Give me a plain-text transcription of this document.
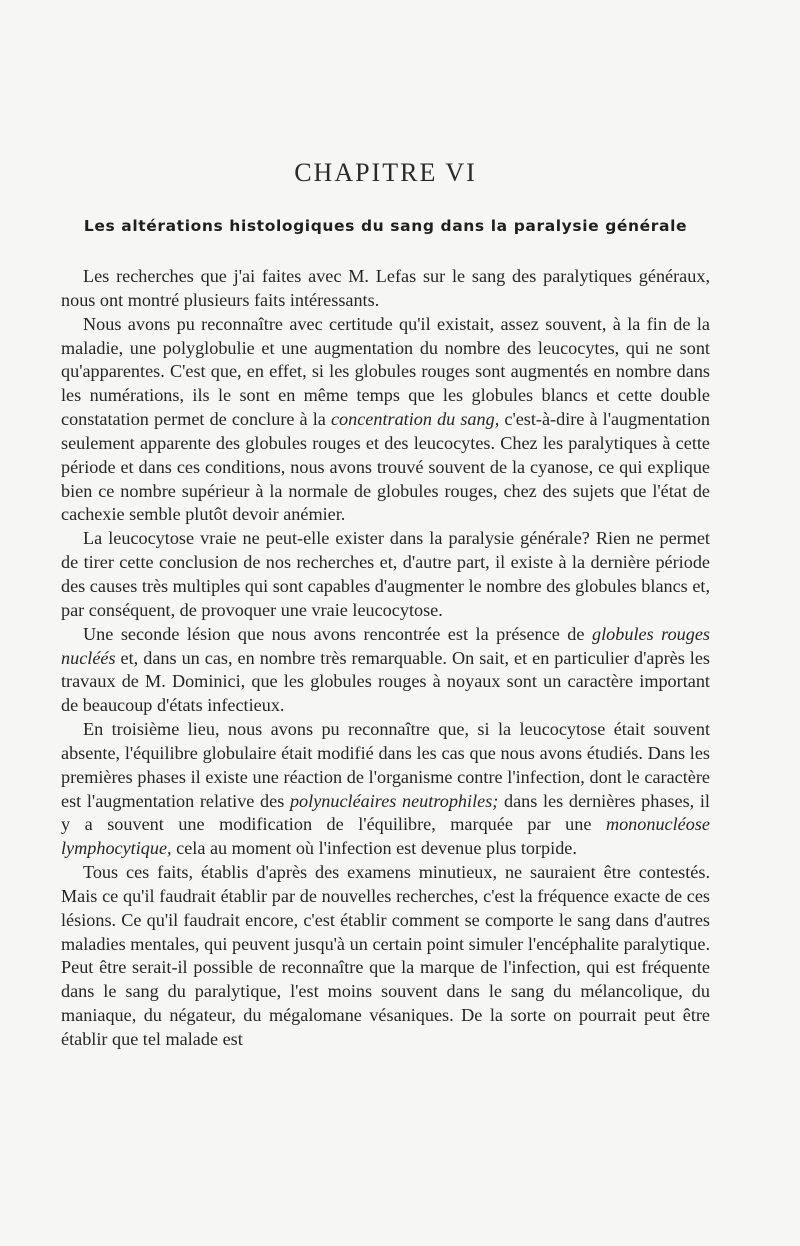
CHAPITRE VI
Les altérations histologiques du sang dans la paralysie générale

Les recherches que j'ai faites avec M. Lefas sur le sang des paralytiques généraux, nous ont montré plusieurs faits intéressants.

Nous avons pu reconnaître avec certitude qu'il existait, assez souvent, à la fin de la maladie, une polyglobulie et une augmentation du nombre des leucocytes, qui ne sont qu'apparentes. C'est que, en effet, si les globules rouges sont augmentés en nombre dans les numérations, ils le sont en même temps que les globules blancs et cette double constatation permet de conclure à la concentration du sang, c'est-à-dire à l'augmentation seulement apparente des globules rouges et des leucocytes. Chez les paralytiques à cette période et dans ces conditions, nous avons trouvé souvent de la cyanose, ce qui explique bien ce nombre supérieur à la normale de globules rouges, chez des sujets que l'état de cachexie semble plutôt devoir anémier.

La leucocytose vraie ne peut-elle exister dans la paralysie générale? Rien ne permet de tirer cette conclusion de nos recherches et, d'autre part, il existe à la dernière période des causes très multiples qui sont capables d'augmenter le nombre des globules blancs et, par conséquent, de provoquer une vraie leucocytose.

Une seconde lésion que nous avons rencontrée est la présence de globules rouges nucléés et, dans un cas, en nombre très remarquable. On sait, et en particulier d'après les travaux de M. Dominici, que les globules rouges à noyaux sont un caractère important de beaucoup d'états infectieux.

En troisième lieu, nous avons pu reconnaître que, si la leucocytose était souvent absente, l'équilibre globulaire était modifié dans les cas que nous avons étudiés. Dans les premières phases il existe une réaction de l'organisme contre l'infection, dont le caractère est l'augmentation relative des polynucléaires neutrophiles; dans les dernières phases, il y a souvent une modification de l'équilibre, marquée par une mononucléose lymphocytique, cela au moment où l'infection est devenue plus torpide.

Tous ces faits, établis d'après des examens minutieux, ne sauraient être contestés. Mais ce qu'il faudrait établir par de nouvelles recherches, c'est la fréquence exacte de ces lésions. Ce qu'il faudrait encore, c'est établir comment se comporte le sang dans d'autres maladies mentales, qui peuvent jusqu'à un certain point simuler l'encéphalite paralytique. Peut être serait-il possible de reconnaître que la marque de l'infection, qui est fréquente dans le sang du paralytique, l'est moins souvent dans le sang du mélancolique, du maniaque, du négateur, du mégalomane vésaniques. De la sorte on pourrait peut être établir que tel malade est
